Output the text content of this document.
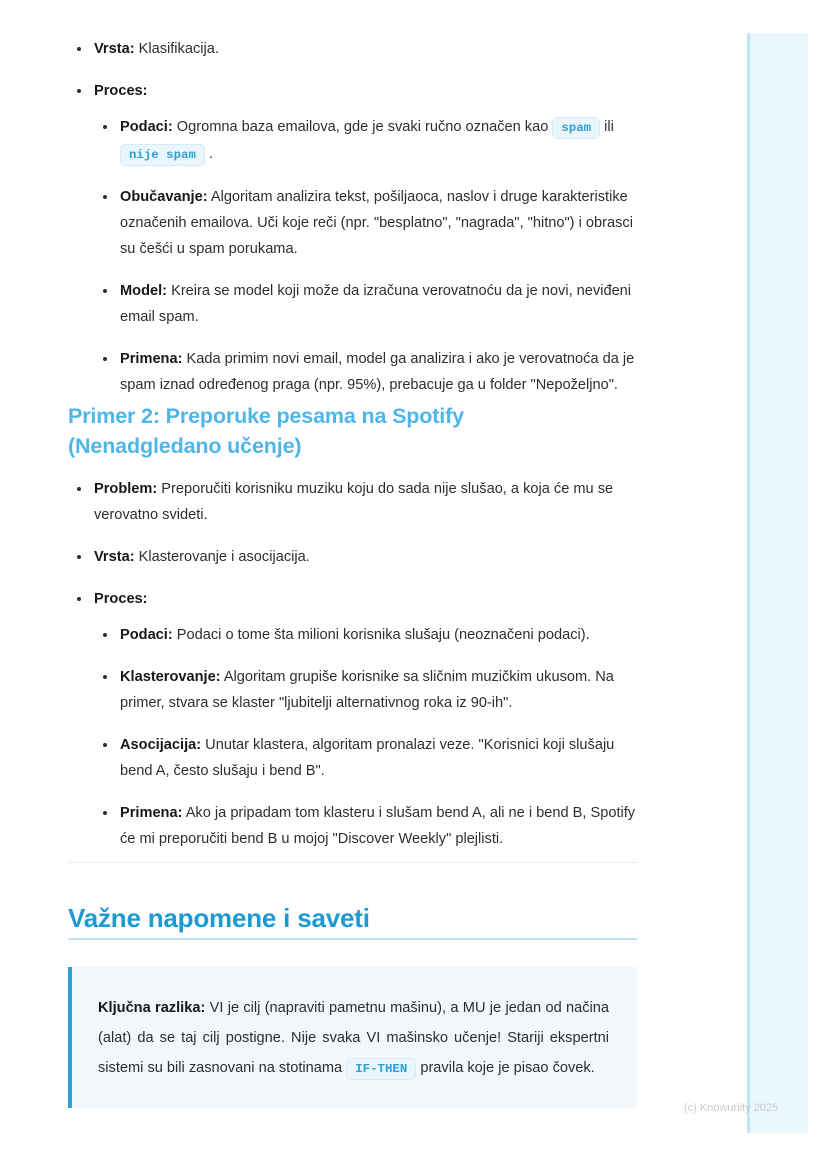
Vrsta: Klasifikacija.
Proces:
Podaci: Ogromna baza emailova, gde je svaki ručno označen kao spam ili nije spam .
Obučavanje: Algoritam analizira tekst, pošiljaoca, naslov i druge karakteristike označenih emailova. Uči koje reči (npr. "besplatno", "nagrada", "hitno") i obrasci su češći u spam porukama.
Model: Kreira se model koji može da izračuna verovatnoću da je novi, neviđeni email spam.
Primena: Kada primim novi email, model ga analizira i ako je verovatnoća da je spam iznad određenog praga (npr. 95%), prebacuje ga u folder "Nepoželjno".
Primer 2: Preporuke pesama na Spotify (Nenadgledano učenje)
Problem: Preporučiti korisniku muziku koju do sada nije slušao, a koja će mu se verovatno svideti.
Vrsta: Klasterovanje i asocijacija.
Proces:
Podaci: Podaci o tome šta milioni korisnika slušaju (neoznačeni podaci).
Klasterovanje: Algoritam grupiše korisnike sa sličnim muzičkim ukusom. Na primer, stvara se klaster "ljubitelji alternativnog roka iz 90-ih".
Asocijacija: Unutar klastera, algoritam pronalazi veze. "Korisnici koji slušaju bend A, često slušaju i bend B".
Primena: Ako ja pripadam tom klasteru i slušam bend A, ali ne i bend B, Spotify će mi preporučiti bend B u mojoj "Discover Weekly" plejlisti.
Važne napomene i saveti

Ključna razlika: VI je cilj (napraviti pametnu mašinu), a MU je jedan od načina (alat) da se taj cilj postigne. Nije svaka VI mašinsko učenje! Stariji ekspertni sistemi su bili zasnovani na stotinama IF-THEN pravila koje je pisao čovek.

(c) Knowunity 2025
